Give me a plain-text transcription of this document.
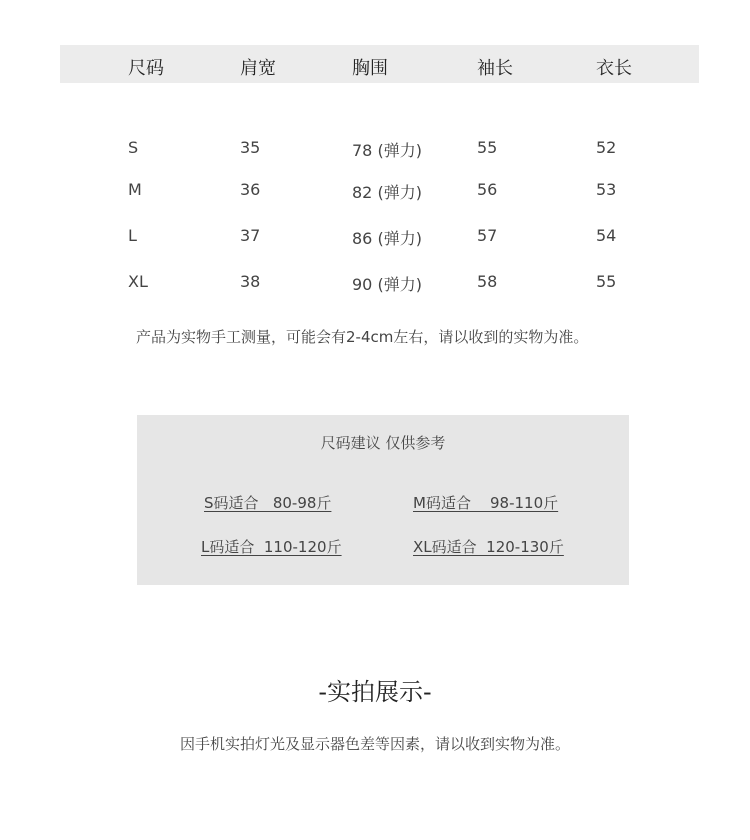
尺码	肩宽	胸围	袖长	衣长
S	35	78 (弹力)	55	52
M	36	82 (弹力)	56	53
L	37	86 (弹力)	57	54
XL	38	90 (弹力)	58	55
产品为实物手工测量，可能会有2-4cm左右，请以收到的实物为准。
尺码建议 仅供参考
S码适合   80-98斤	M码适合    98-110斤
L码适合  110-120斤	XL码适合  120-130斤
-实拍展示-
因手机实拍灯光及显示器色差等因素，请以收到实物为准。
